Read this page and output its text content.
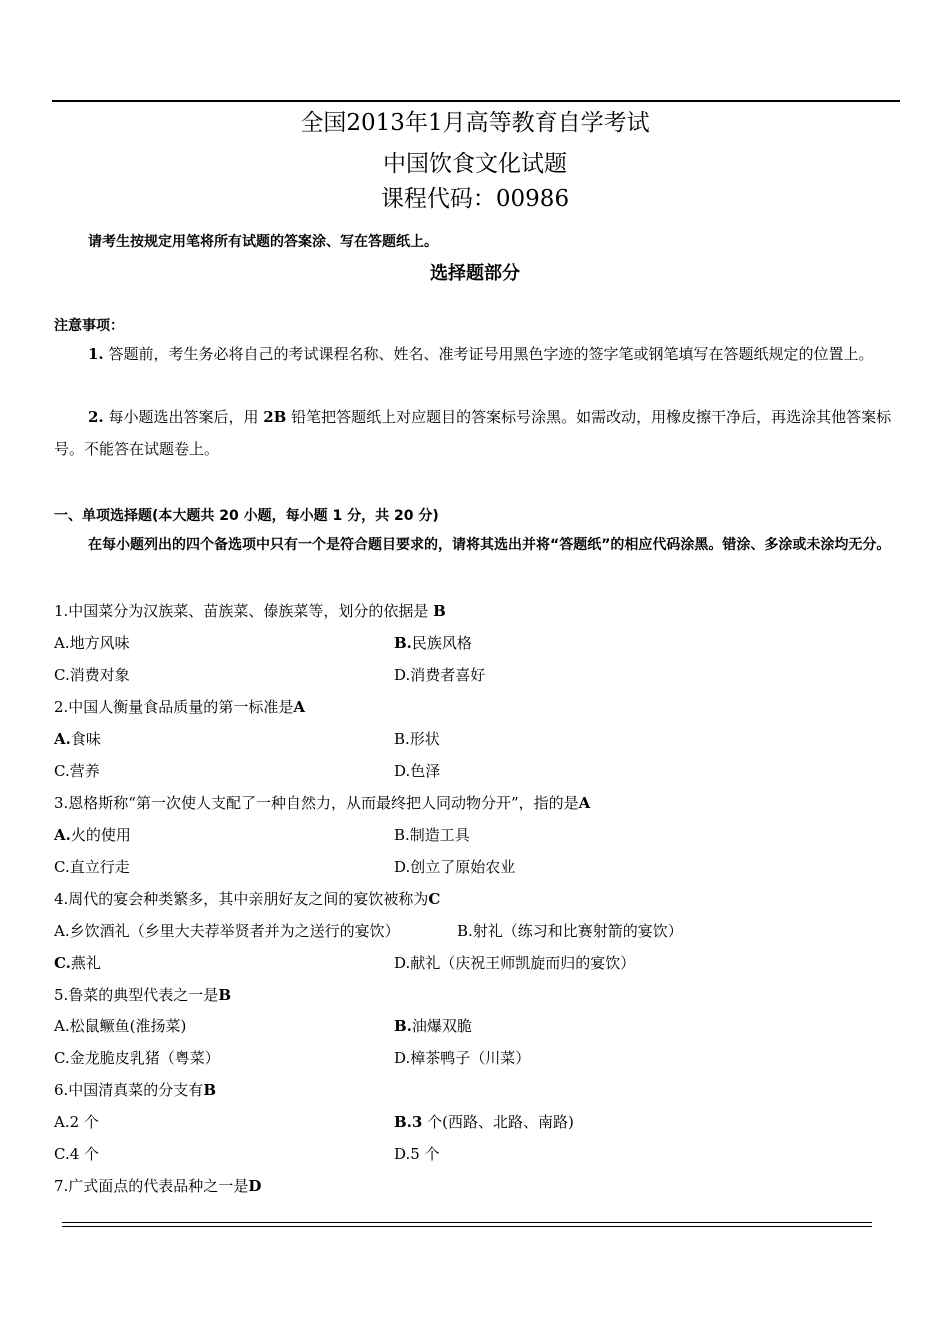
全国2013年1月高等教育自学考试
中国饮食文化试题
课程代码：00986
请考生按规定用笔将所有试题的答案涂、写在答题纸上。
选择题部分
注意事项：
1. 答题前，考生务必将自己的考试课程名称、姓名、准考证号用黑色字迹的签字笔或钢笔填写在答题纸规定的位置上。
2. 每小题选出答案后，用 2B 铅笔把答题纸上对应题目的答案标号涂黑。如需改动，用橡皮擦干净后，再选涂其他答案标号。不能答在试题卷上。
一、单项选择题(本大题共 20 小题，每小题 1 分，共 20 分)
在每小题列出的四个备选项中只有一个是符合题目要求的，请将其选出并将“答题纸”的相应代码涂黑。错涂、多涂或未涂均无分。
1.中国菜分为汉族菜、苗族菜、傣族菜等，划分的依据是 B
A.地方风味	B.民族风格
C.消费对象	D.消费者喜好
2.中国人衡量食品质量的第一标准是A
A.食味	B.形状
C.营养	D.色泽
3.恩格斯称“第一次使人支配了一种自然力，从而最终把人同动物分开”，指的是A
A.火的使用	B.制造工具
C.直立行走	D.创立了原始农业
4.周代的宴会种类繁多，其中亲朋好友之间的宴饮被称为C
A.乡饮酒礼（乡里大夫荐举贤者并为之送行的宴饮）	B.射礼（练习和比赛射箭的宴饮）
C.燕礼	D.献礼（庆祝王师凯旋而归的宴饮）
5.鲁菜的典型代表之一是B
A.松鼠鳜鱼(淮扬菜)	B.油爆双脆
C.金龙脆皮乳猪（粤菜）	D.樟茶鸭子（川菜）
6.中国清真菜的分支有B
A.2 个	B.3 个(西路、北路、南路)
C.4 个	D.5 个
7.广式面点的代表品种之一是D
